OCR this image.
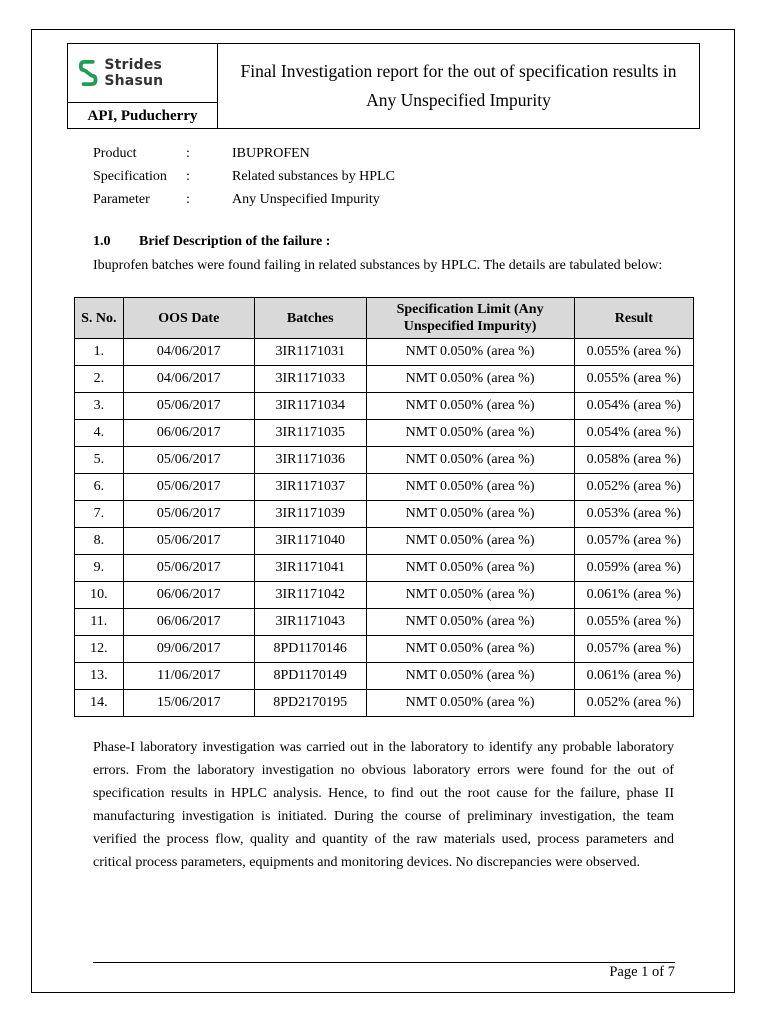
Strides Shasun
API, Puducherry
Final Investigation report for the out of specification results in Any Unspecified Impurity
Product	:	IBUPROFEN
Specification	:	Related substances by HPLC
Parameter	:	Any Unspecified Impurity
1.0 Brief Description of the failure :
Ibuprofen batches were found failing in related substances by HPLC. The details are tabulated below:
S. No.	OOS Date	Batches	Specification Limit (Any Unspecified Impurity)	Result
1.	04/06/2017	3IR1171031	NMT 0.050% (area %)	0.055% (area %)
2.	04/06/2017	3IR1171033	NMT 0.050% (area %)	0.055% (area %)
3.	05/06/2017	3IR1171034	NMT 0.050% (area %)	0.054% (area %)
4.	06/06/2017	3IR1171035	NMT 0.050% (area %)	0.054% (area %)
5.	05/06/2017	3IR1171036	NMT 0.050% (area %)	0.058% (area %)
6.	05/06/2017	3IR1171037	NMT 0.050% (area %)	0.052% (area %)
7.	05/06/2017	3IR1171039	NMT 0.050% (area %)	0.053% (area %)
8.	05/06/2017	3IR1171040	NMT 0.050% (area %)	0.057% (area %)
9.	05/06/2017	3IR1171041	NMT 0.050% (area %)	0.059% (area %)
10.	06/06/2017	3IR1171042	NMT 0.050% (area %)	0.061% (area %)
11.	06/06/2017	3IR1171043	NMT 0.050% (area %)	0.055% (area %)
12.	09/06/2017	8PD1170146	NMT 0.050% (area %)	0.057% (area %)
13.	11/06/2017	8PD1170149	NMT 0.050% (area %)	0.061% (area %)
14.	15/06/2017	8PD2170195	NMT 0.050% (area %)	0.052% (area %)
Phase-I laboratory investigation was carried out in the laboratory to identify any probable laboratory errors. From the laboratory investigation no obvious laboratory errors were found for the out of specification results in HPLC analysis. Hence, to find out the root cause for the failure, phase II manufacturing investigation is initiated. During the course of preliminary investigation, the team verified the process flow, quality and quantity of the raw materials used, process parameters and critical process parameters, equipments and monitoring devices. No discrepancies were observed.
Page 1 of 7
